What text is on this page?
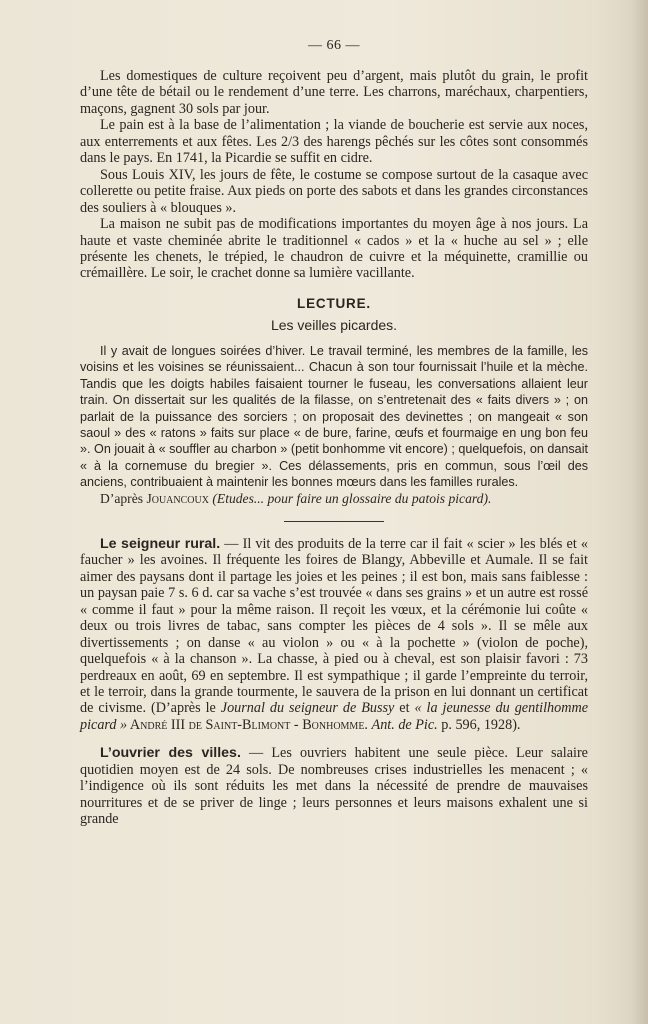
— 66 —

Les domestiques de culture reçoivent peu d’argent, mais plutôt du grain, le profit d’une tête de bétail ou le rendement d’une terre. Les charrons, maréchaux, charpentiers, maçons, gagnent 30 sols par jour.

Le pain est à la base de l’alimentation ; la viande de boucherie est servie aux noces, aux enterrements et aux fêtes. Les 2/3 des harengs pêchés sur les côtes sont consommés dans le pays. En 1741, la Picardie se suffit en cidre.

Sous Louis XIV, les jours de fête, le costume se compose surtout de la casaque avec collerette ou petite fraise. Aux pieds on porte des sabots et dans les grandes circonstances des souliers à « blouques ».

La maison ne subit pas de modifications importantes du moyen âge à nos jours. La haute et vaste cheminée abrite le traditionnel « cados » et la « huche au sel » ; elle présente les chenets, le trépied, le chaudron de cuivre et la méquinette, cramillie ou crémaillère. Le soir, le crachet donne sa lumière vacillante.

LECTURE.
Les veilles picardes.

Il y avait de longues soirées d’hiver. Le travail terminé, les membres de la famille, les voisins et les voisines se réunissaient... Chacun à son tour fournissait l’huile et la mèche. Tandis que les doigts habiles faisaient tourner le fuseau, les conversations allaient leur train. On dissertait sur les qualités de la filasse, on s’entretenait des « faits divers » ; on parlait de la puissance des sorciers ; on proposait des devinettes ; on mangeait « son saoul » des « ratons » faits sur place « de bure, farine, œufs et fourmaige en ung bon feu ». On jouait à « souffler au charbon » (petit bonhomme vit encore) ; quelquefois, on dansait « à la cornemuse du bregier ». Ces délassements, pris en commun, sous l’œil des anciens, contribuaient à maintenir les bonnes mœurs dans les familles rurales.

D’après Jouancoux (Etudes... pour faire un glossaire du patois picard).

Le seigneur rural. — Il vit des produits de la terre car il fait « scier » les blés et « faucher » les avoines. Il fréquente les foires de Blangy, Abbeville et Aumale. Il se fait aimer des paysans dont il partage les joies et les peines ; il est bon, mais sans faiblesse : un paysan paie 7 s. 6 d. car sa vache s’est trouvée « dans ses grains » et un autre est rossé « comme il faut » pour la même raison. Il reçoit les vœux, et la cérémonie lui coûte « deux ou trois livres de tabac, sans compter les pièces de 4 sols ». Il se mêle aux divertissements ; on danse « au violon » ou « à la pochette » (violon de poche), quelquefois « à la chanson ». La chasse, à pied ou à cheval, est son plaisir favori : 73 perdreaux en août, 69 en septembre. Il est sympathique ; il garde l’empreinte du terroir, et le terroir, dans la grande tourmente, le sauvera de la prison en lui donnant un certificat de civisme. (D’après le Journal du seigneur de Bussy et « la jeunesse du gentilhomme picard » André III de Saint-Blimont - Bonhomme. Ant. de Pic. p. 596, 1928).

L’ouvrier des villes. — Les ouvriers habitent une seule pièce. Leur salaire quotidien moyen est de 24 sols. De nombreuses crises industrielles les menacent ; « l’indigence où ils sont réduits les met dans la nécessité de prendre de mauvaises nourritures et de se priver de linge ; leurs personnes et leurs maisons exhalent une si grande
